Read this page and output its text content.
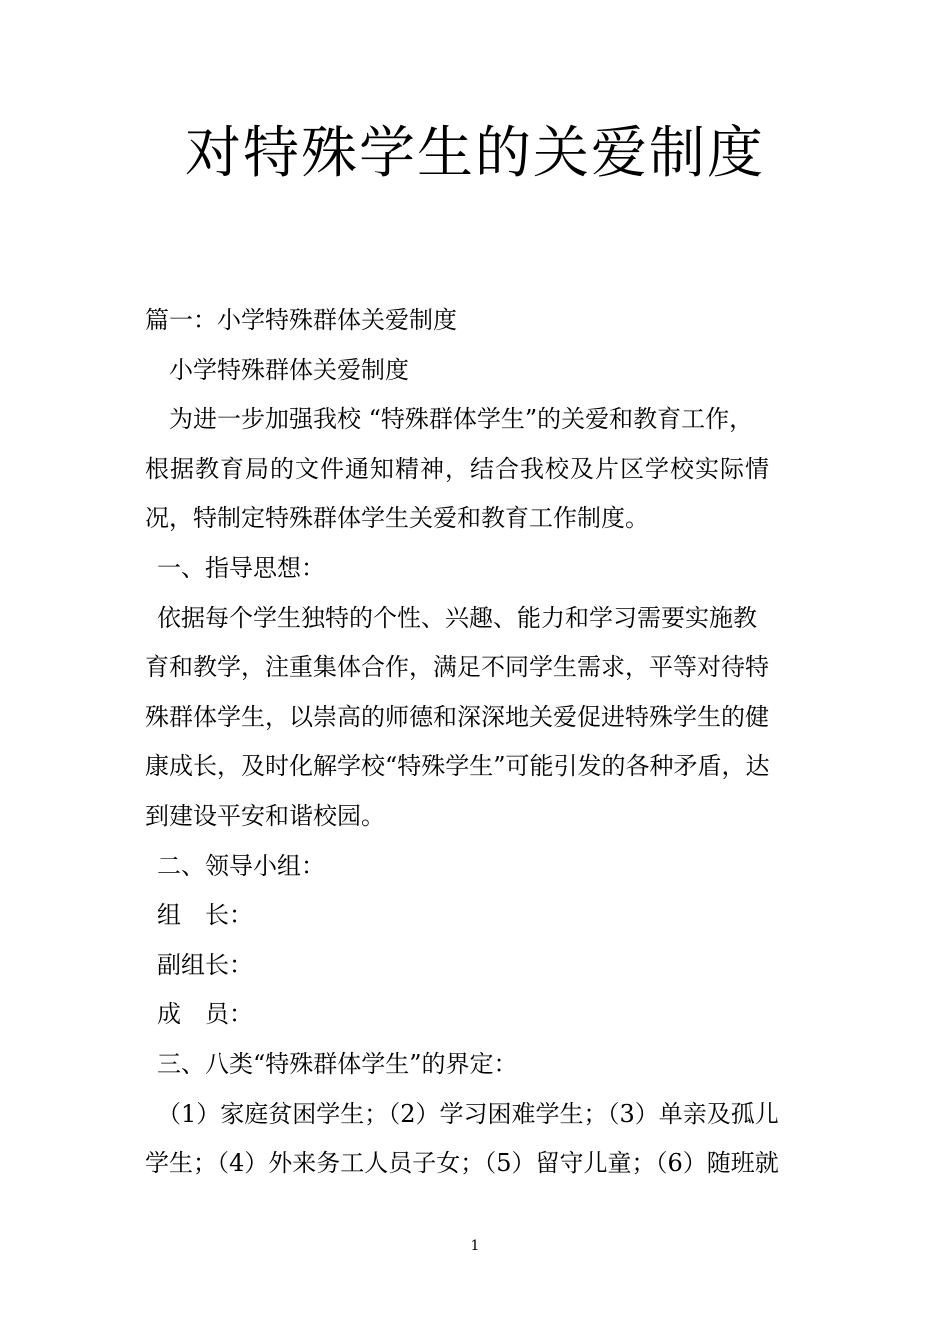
对特殊学生的关爱制度
篇一：小学特殊群体关爱制度
小学特殊群体关爱制度
为进一步加强我校 “特殊群体学生”的关爱和教育工作，
根据教育局的文件通知精神，结合我校及片区学校实际情
况，特制定特殊群体学生关爱和教育工作制度。
一、指导思想：
依据每个学生独特的个性、兴趣、能力和学习需要实施教
育和教学，注重集体合作，满足不同学生需求，平等对待特
殊群体学生，以崇高的师德和深深地关爱促进特殊学生的健
康成长，及时化解学校“特殊学生”可能引发的各种矛盾，达
到建设平安和谐校园。
二、领导小组：
组　长：
副组长：
成　员：
三、八类“特殊群体学生”的界定：
（1）家庭贫困学生；（2）学习困难学生；（3）单亲及孤儿
学生；（4）外来务工人员子女；（5）留守儿童；（6）随班就
1
